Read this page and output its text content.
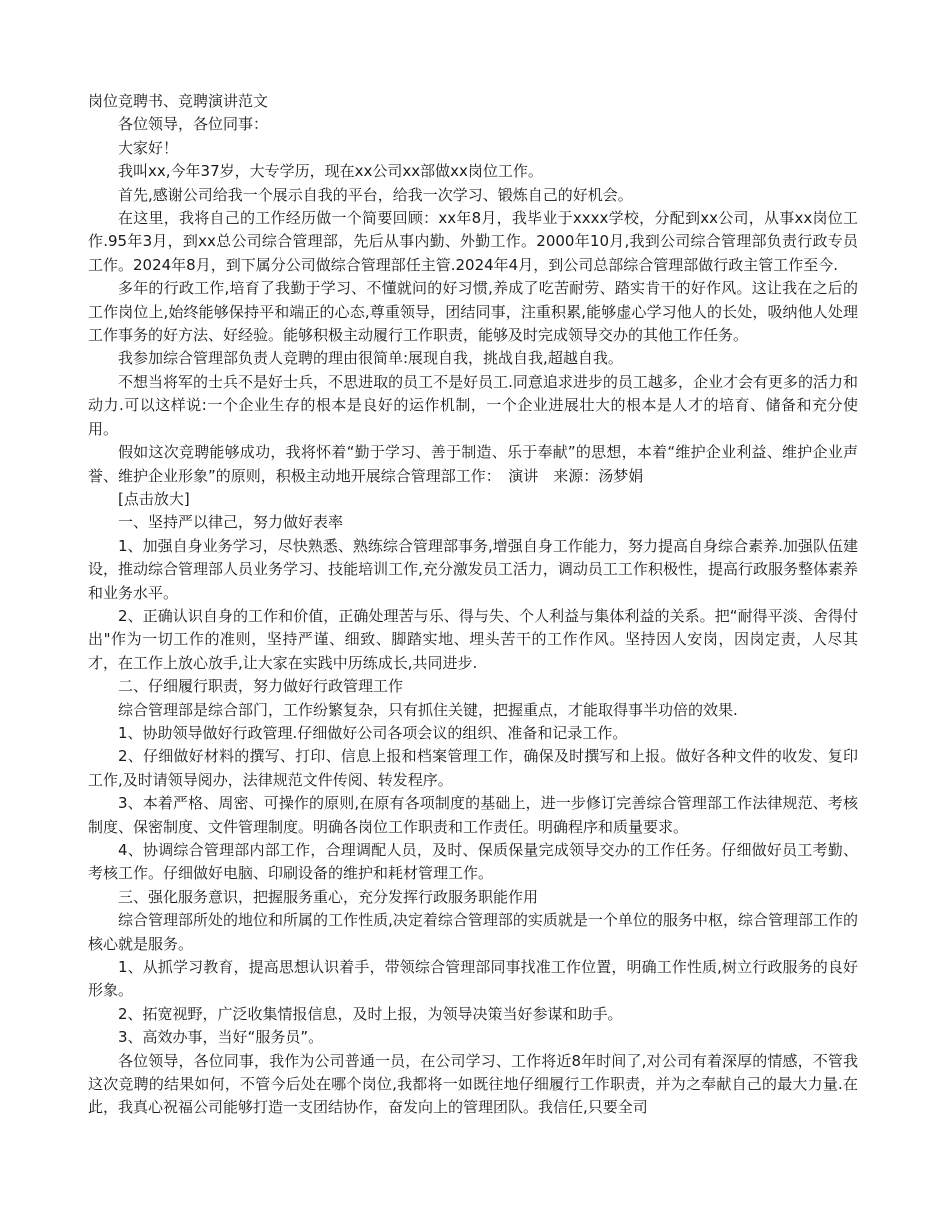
岗位竞聘书、竞聘演讲范文

各位领导，各位同事：

大家好！

我叫xx,今年37岁，大专学历，现在xx公司xx部做xx岗位工作。

首先,感谢公司给我一个展示自我的平台，给我一次学习、锻炼自己的好机会。

在这里，我将自己的工作经历做一个简要回顾：xx年8月，我毕业于xxxx学校，分配到xx公司，从事xx岗位工作.95年3月，到xx总公司综合管理部，先后从事内勤、外勤工作。2000年10月,我到公司综合管理部负责行政专员工作。2024年8月，到下属分公司做综合管理部任主管.2024年4月，到公司总部综合管理部做行政主管工作至今.

多年的行政工作,培育了我勤于学习、不懂就问的好习惯,养成了吃苦耐劳、踏实肯干的好作风。这让我在之后的工作岗位上,始终能够保持平和端正的心态,尊重领导，团结同事，注重积累,能够虚心学习他人的长处，吸纳他人处理工作事务的好方法、好经验。能够积极主动履行工作职责，能够及时完成领导交办的其他工作任务。

我参加综合管理部负责人竞聘的理由很简单:展现自我，挑战自我,超越自我。

不想当将军的士兵不是好士兵，不思进取的员工不是好员工.同意追求进步的员工越多，企业才会有更多的活力和动力.可以这样说:一个企业生存的根本是良好的运作机制，一个企业进展壮大的根本是人才的培育、储备和充分使用。

假如这次竞聘能够成功，我将怀着“勤于学习、善于制造、乐于奉献”的思想，本着“维护企业利益、维护企业声誉、维护企业形象”的原则，积极主动地开展综合管理部工作：　演讲　来源：汤梦娟

[点击放大]

一、坚持严以律己，努力做好表率

1、加强自身业务学习，尽快熟悉、熟练综合管理部事务,增强自身工作能力，努力提高自身综合素养.加强队伍建设，推动综合管理部人员业务学习、技能培训工作,充分激发员工活力，调动员工工作积极性，提高行政服务整体素养和业务水平。

2、正确认识自身的工作和价值，正确处理苦与乐、得与失、个人利益与集体利益的关系。把“耐得平淡、舍得付出"作为一切工作的准则，坚持严谨、细致、脚踏实地、埋头苦干的工作作风。坚持因人安岗，因岗定责，人尽其才，在工作上放心放手,让大家在实践中历练成长,共同进步.

二、仔细履行职责，努力做好行政管理工作

综合管理部是综合部门，工作纷繁复杂，只有抓住关键，把握重点，才能取得事半功倍的效果.

1、协助领导做好行政管理.仔细做好公司各项会议的组织、准备和记录工作。

2、仔细做好材料的撰写、打印、信息上报和档案管理工作，确保及时撰写和上报。做好各种文件的收发、复印工作,及时请领导阅办，法律规范文件传阅、转发程序。

3、本着严格、周密、可操作的原则,在原有各项制度的基础上，进一步修订完善综合管理部工作法律规范、考核制度、保密制度、文件管理制度。明确各岗位工作职责和工作责任。明确程序和质量要求。

4、协调综合管理部内部工作，合理调配人员，及时、保质保量完成领导交办的工作任务。仔细做好员工考勤、考核工作。仔细做好电脑、印刷设备的维护和耗材管理工作。

三、强化服务意识，把握服务重心，充分发挥行政服务职能作用

综合管理部所处的地位和所属的工作性质,决定着综合管理部的实质就是一个单位的服务中枢，综合管理部工作的核心就是服务。

1、从抓学习教育，提高思想认识着手，带领综合管理部同事找准工作位置，明确工作性质,树立行政服务的良好形象。

2、拓宽视野，广泛收集情报信息，及时上报，为领导决策当好参谋和助手。

3、高效办事，当好“服务员”。

各位领导，各位同事，我作为公司普通一员，在公司学习、工作将近8年时间了,对公司有着深厚的情感，不管我这次竞聘的结果如何，不管今后处在哪个岗位,我都将一如既往地仔细履行工作职责，并为之奉献自己的最大力量.在此，我真心祝福公司能够打造一支团结协作，奋发向上的管理团队。我信任,只要全司
